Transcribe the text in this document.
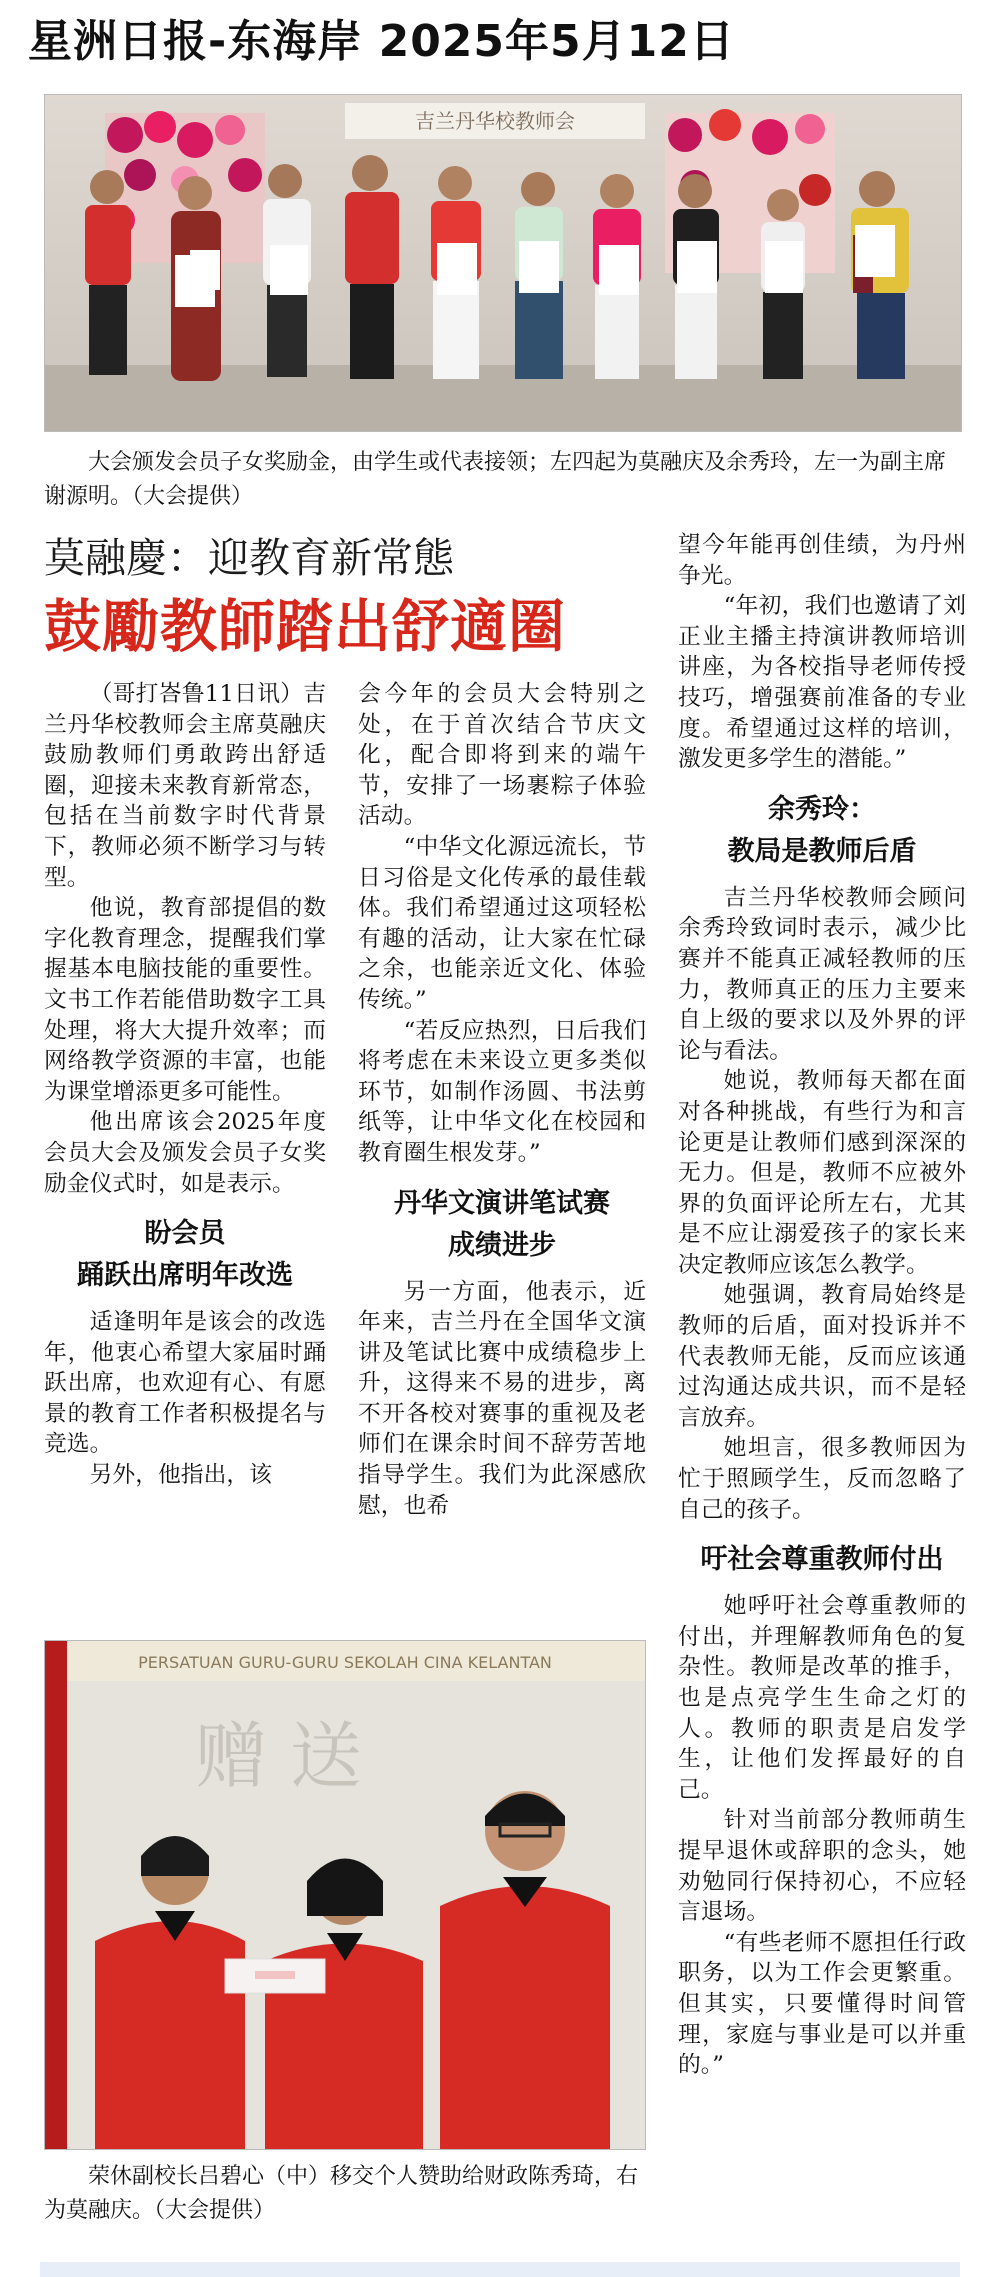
星洲日报-东海岸 2025年5月12日
吉兰丹华校教师会
大会颁发会员子女奖励金，由学生或代表接领；左四起为莫融庆及余秀玲，左一为副主席谢源明。（大会提供）
莫融慶：迎教育新常態
鼓勵教師踏出舒適圈

（哥打峇鲁11日讯）吉兰丹华校教师会主席莫融庆鼓励教师们勇敢跨出舒适圈，迎接未来教育新常态，包括在当前数字时代背景下，教师必须不断学习与转型。

他说，教育部提倡的数字化教育理念，提醒我们掌握基本电脑技能的重要性。文书工作若能借助数字工具处理，将大大提升效率；而网络教学资源的丰富，也能为课堂增添更多可能性。

他出席该会2025年度会员大会及颁发会员子女奖励金仪式时，如是表示。

盼会员
踊跃出席明年改选

适逢明年是该会的改选年，他衷心希望大家届时踊跃出席，也欢迎有心、有愿景的教育工作者积极提名与竞选。

另外，他指出，该

会今年的会员大会特别之处，在于首次结合节庆文化，配合即将到来的端午节，安排了一场裹粽子体验活动。

“中华文化源远流长，节日习俗是文化传承的最佳载体。我们希望通过这项轻松有趣的活动，让大家在忙碌之余，也能亲近文化、体验传统。”

“若反应热烈，日后我们将考虑在未来设立更多类似环节，如制作汤圆、书法剪纸等，让中华文化在校园和教育圈生根发芽。”

丹华文演讲笔试赛
成绩进步

另一方面，他表示，近年来，吉兰丹在全国华文演讲及笔试比赛中成绩稳步上升，这得来不易的进步，离不开各校对赛事的重视及老师们在课余时间不辞劳苦地指导学生。我们为此深感欣慰，也希

望今年能再创佳绩，为丹州争光。

“年初，我们也邀请了刘正业主播主持演讲教师培训讲座，为各校指导老师传授技巧，增强赛前准备的专业度。希望通过这样的培训，激发更多学生的潜能。”

余秀玲：
教局是教师后盾

吉兰丹华校教师会顾问余秀玲致词时表示，减少比赛并不能真正减轻教师的压力，教师真正的压力主要来自上级的要求以及外界的评论与看法。

她说，教师每天都在面对各种挑战，有些行为和言论更是让教师们感到深深的无力。但是，教师不应被外界的负面评论所左右，尤其是不应让溺爱孩子的家长来决定教师应该怎么教学。

她强调，教育局始终是教师的后盾，面对投诉并不代表教师无能，反而应该通过沟通达成共识，而不是轻言放弃。

她坦言，很多教师因为忙于照顾学生，反而忽略了自己的孩子。

吁社会尊重教师付出

她呼吁社会尊重教师的付出，并理解教师角色的复杂性。教师是改革的推手，也是点亮学生生命之灯的人。教师的职责是启发学生，让他们发挥最好的自己。

针对当前部分教师萌生提早退休或辞职的念头，她劝勉同行保持初心，不应轻言退场。

“有些老师不愿担任行政职务，以为工作会更繁重。但其实，只要懂得时间管理，家庭与事业是可以并重的。”

PERSATUAN GURU-GURU SEKOLAH CINA KELANTAN
赠 送
荣休副校长吕碧心（中）移交个人赞助给财政陈秀琦，右为莫融庆。（大会提供）
